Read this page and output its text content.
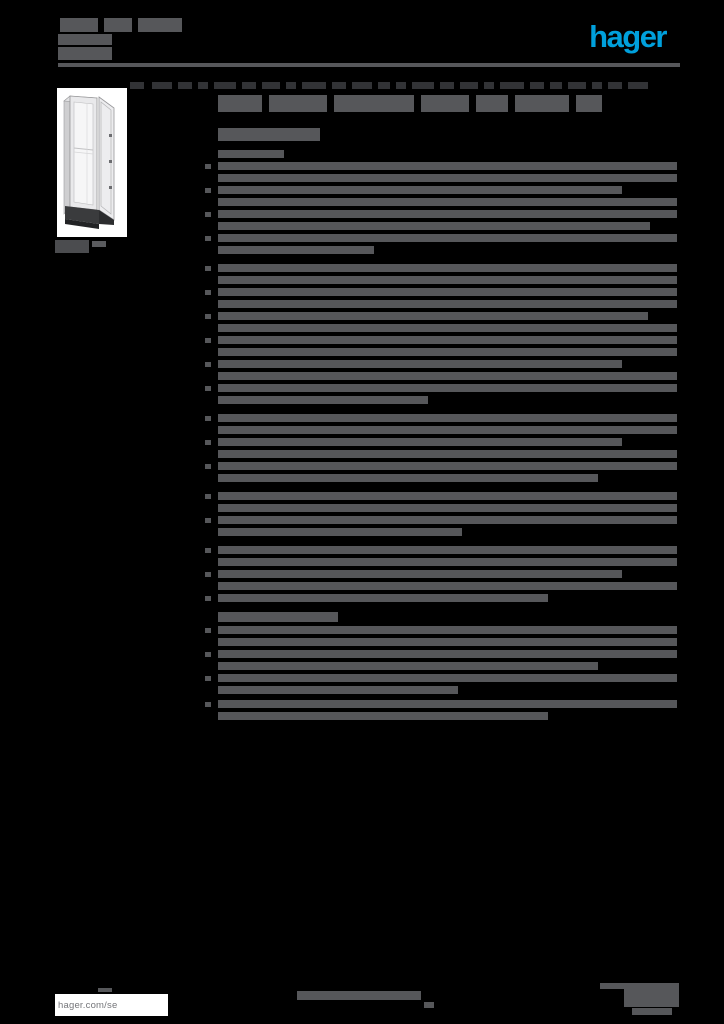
hager
hager.com/se
